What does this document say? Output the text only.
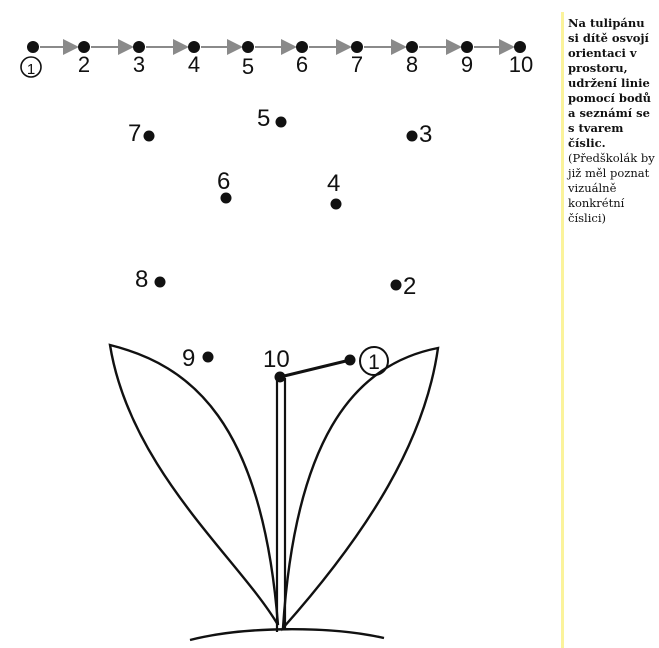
1 2 3 4 5 6 7 8 9 10
1
2
3
4
5
6
7
8
9	10
Na tulipánu si dítě osvojí orientaci v prostoru, udržení linie pomocí bodů a seznámí se s tvarem číslic. (Předškolák by již měl poznat vizuálně konkrétní číslici)
